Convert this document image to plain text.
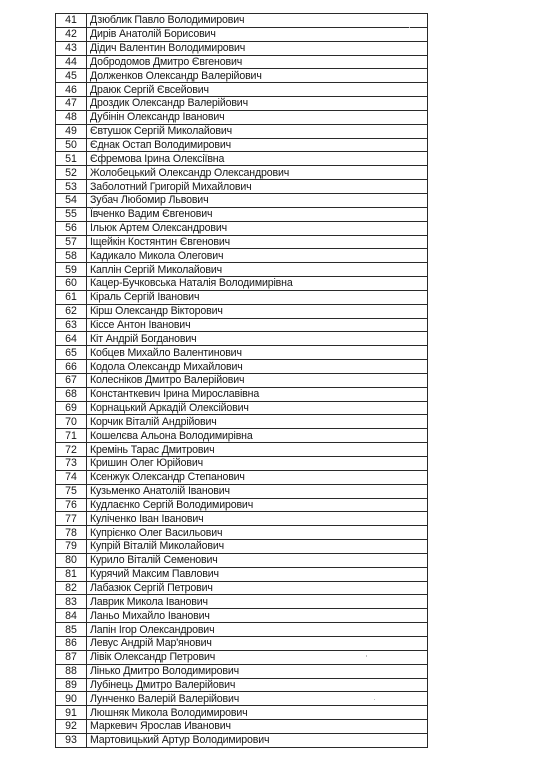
41	Дзюблик Павло Володимирович
42	Дирів Анатолій Борисович
43	Дідич Валентин Володимирович
44	Добродомов Дмитро Євгенович
45	Долженков Олександр Валерійович
46	Драюк Сергій Євсейович
47	Дроздик Олександр Валерійович
48	Дубінін Олександр Іванович
49	Євтушок Сергій Миколайович
50	Єднак Остап Володимирович
51	Єфремова Ірина Олексіївна
52	Жолобецький Олександр Олександрович
53	Заболотний Григорій Михайлович
54	Зубач Любомир Львович
55	Ївченко Вадим Євгенович
56	Ільюк Артем Олександрович
57	Іщейкін Костянтин Євгенович
58	Кадикало Микола Олегович
59	Каплін Сергій Миколайович
60	Кацер-Бучковська Наталія Володимирівна
61	Кіраль Сергій Іванович
62	Кірш Олександр Вікторович
63	Кіссе Антон Іванович
64	Кіт Андрій Богданович
65	Кобцев Михайло Валентинович
66	Кодола Олександр Михайлович
67	Колесніков Дмитро Валерійович
68	Константкевич Ірина Мирославівна
69	Корнацький Аркадій Олексійович
70	Корчик Віталій Андрійович
71	Кошелєва Альона Володимирівна
72	Кремінь Тарас Дмитрович
73	Кришин Олег Юрійович
74	Ксенжук Олександр Степанович
75	Кузьменко Анатолій Іванович
76	Кудлаєнко Сергій Володимирович
77	Куліченко Іван Іванович
78	Купрієнко Олег Васильович
79	Купрій Віталій Миколайович
80	Курило Віталій Семенович
81	Курячий Максим Павлович
82	Лабазюк Сергій Петрович
83	Лаврик Микола Іванович
84	Ланьо Михайло Іванович
85	Лапін Ігор Олександрович
86	Левус Андрій Мар'янович
87	Лівік Олександр Петрович
88	Лінько Дмитро Володимирович
89	Лубінець Дмитро Валерійович
90	Лунченко Валерій Валерійович
91	Люшняк Микола Володимирович
92	Маркевич Ярослав Иванович
93	Мартовицький Артур Володимирович
